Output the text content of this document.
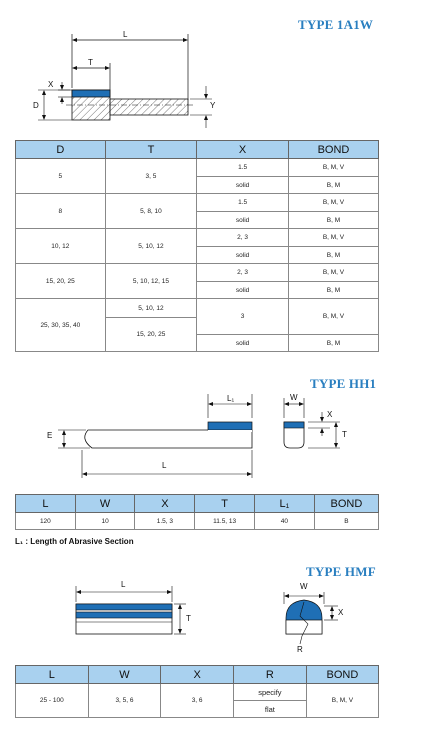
TYPE 1A1W
L
T
X
D	Y
D	T	X	BOND
5	3, 5	1.5	B, M, V
		solid	B, M
8	5, 8, 10	1.5	B, M, V
		solid	B, M
10, 12	5, 10, 12	2, 3	B, M, V
		solid	B, M
15, 20, 25	5, 10, 12, 15	2, 3	B, M, V
		solid	B, M
25, 30, 35, 40	5, 10, 12	3	B, M, V

	15, 20, 25		
		solid	B, M
TYPE HH1
L₁
E
L
W
X
T
L	W	X	T	L₁	BOND
120	10	1.5, 3	11.5, 13	40	B
L₁ : Length of Abrasive Section
TYPE HMF
L
T
W
X
R
L	W	X	R	BOND
25 - 100	3, 5, 6	3, 6	specify	B, M, V
			flat	
